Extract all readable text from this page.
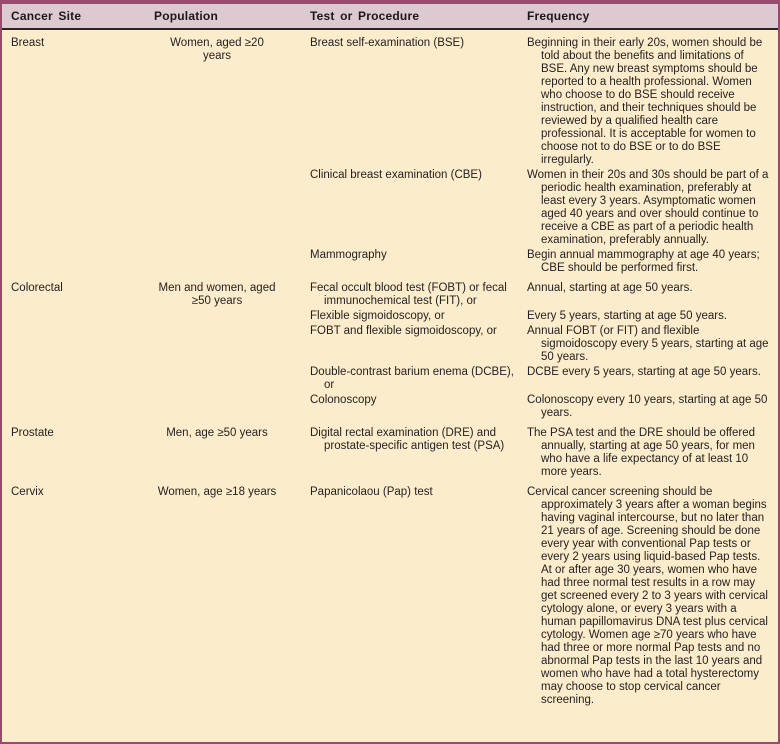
Cancer Site	Population	Test or Procedure	Frequency
Breast	Women, aged ≥20 years	Breast self-examination (BSE)	Beginning in their early 20s, women should be told about the benefits and limitations of BSE. Any new breast symptoms should be reported to a health professional. Women who choose to do BSE should receive instruction, and their techniques should be reviewed by a qualified health care professional. It is acceptable for women to choose not to do BSE or to do BSE irregularly.
		Clinical breast examination (CBE)	Women in their 20s and 30s should be part of a periodic health examination, preferably at least every 3 years. Asymptomatic women aged 40 years and over should continue to receive a CBE as part of a periodic health examination, preferably annually.
		Mammography	Begin annual mammography at age 40 years; CBE should be performed first.
Colorectal	Men and women, aged ≥50 years	Fecal occult blood test (FOBT) or fecal immunochemical test (FIT), or	Annual, starting at age 50 years.
		Flexible sigmoidoscopy, or	Every 5 years, starting at age 50 years.
		FOBT and flexible sigmoidoscopy, or	Annual FOBT (or FIT) and flexible sigmoidoscopy every 5 years, starting at age 50 years.
		Double-contrast barium enema (DCBE), or	DCBE every 5 years, starting at age 50 years.
		Colonoscopy	Colonoscopy every 10 years, starting at age 50 years.
Prostate	Men, age ≥50 years	Digital rectal examination (DRE) and prostate-specific antigen test (PSA)	The PSA test and the DRE should be offered annually, starting at age 50 years, for men who have a life expectancy of at least 10 more years.
Cervix	Women, age ≥18 years	Papanicolaou (Pap) test	Cervical cancer screening should be approximately 3 years after a woman begins having vaginal intercourse, but no later than 21 years of age. Screening should be done every year with conventional Pap tests or every 2 years using liquid-based Pap tests. At or after age 30 years, women who have had three normal test results in a row may get screened every 2 to 3 years with cervical cytology alone, or every 3 years with a human papillomavirus DNA test plus cervical cytology. Women age ≥70 years who have had three or more normal Pap tests and no abnormal Pap tests in the last 10 years and women who have had a total hysterectomy may choose to stop cervical cancer screening.
